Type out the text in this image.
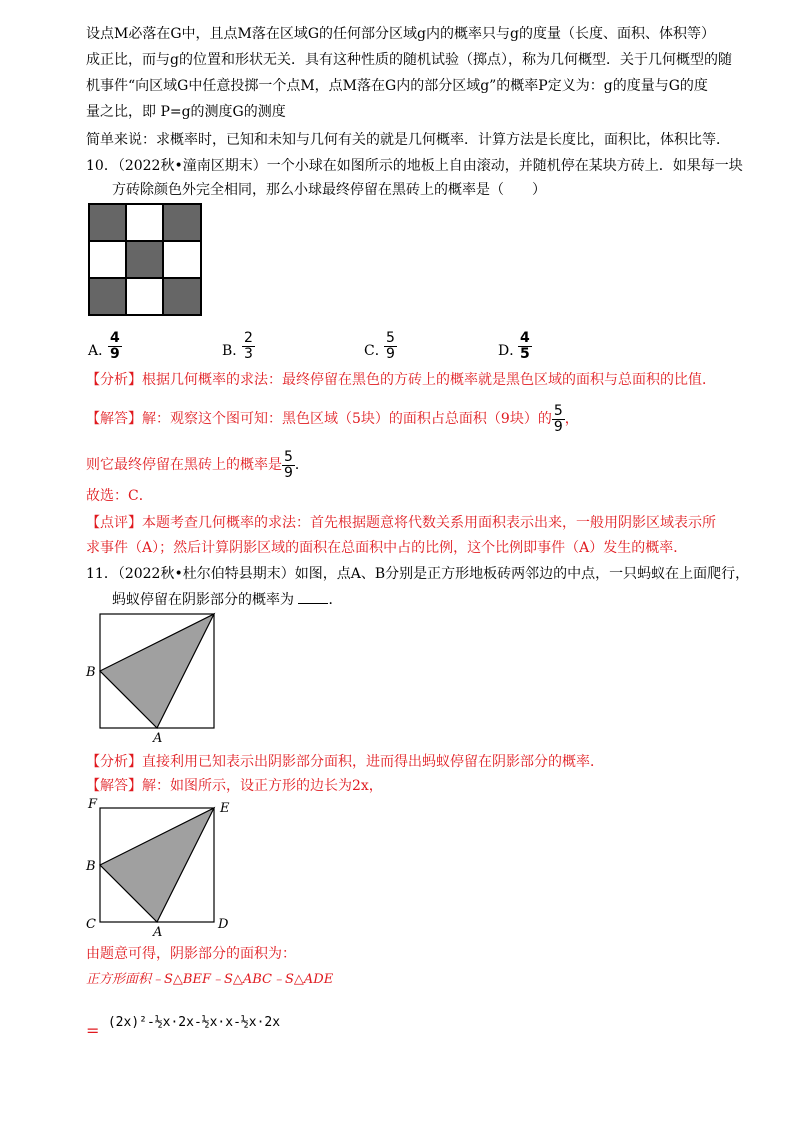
设点M必落在G中，且点M落在区域G的任何部分区域g内的概率只与g的度量（长度、面积、体积等）
成正比，而与g的位置和形状无关．具有这种性质的随机试验（掷点），称为几何概型．关于几何概型的随
机事件“向区域G中任意投掷一个点M，点M落在G内的部分区域g”的概率P定义为：g的度量与G的度
量之比，即 P=g的测度G的测度
简单来说：求概率时，已知和未知与几何有关的就是几何概率．计算方法是长度比，面积比，体积比等．
10．（2022秋•潼南区期末）一个小球在如图所示的地板上自由滚动，并随机停在某块方砖上．如果每一块
方砖除颜色外完全相同，那么小球最终停留在黑砖上的概率是（　　）
A．
$\frac{4}{9}$	B．
$\frac{2}{3}$	C．
$\frac{5}{9}$	D．
$\frac{4}{5}$
【分析】根据几何概率的求法：最终停留在黑色的方砖上的概率就是黑色区域的面积与总面积的比值．
【解答】解：观察这个图可知：黑色区域（5块）的面积占总面积（9块）的 $\frac{5}{9}$ ，
则它最终停留在黑砖上的概率是 $\frac{5}{9}$ ．
故选：C．
【点评】本题考查几何概率的求法：首先根据题意将代数关系用面积表示出来，一般用阴影区域表示所
求事件（A）；然后计算阴影区域的面积在总面积中占的比例，这个比例即事件（A）发生的概率．
11．（2022秋•杜尔伯特县期末）如图，点A、B分别是正方形地板砖两邻边的中点，一只蚂蚁在上面爬行，
蚂蚁停留在阴影部分的概率为 ．
B
A
【分析】直接利用已知表示出阴影部分面积，进而得出蚂蚁停留在阴影部分的概率．
【解答】解：如图所示，设正方形的边长为2x，
F	E
B
C
A
D
由题意可得，阴影部分的面积为：
正方形面积﹣S△BEF﹣S△ABC﹣S△ADE
= (2x)²-½x·2x-½x·x-½x·2x
